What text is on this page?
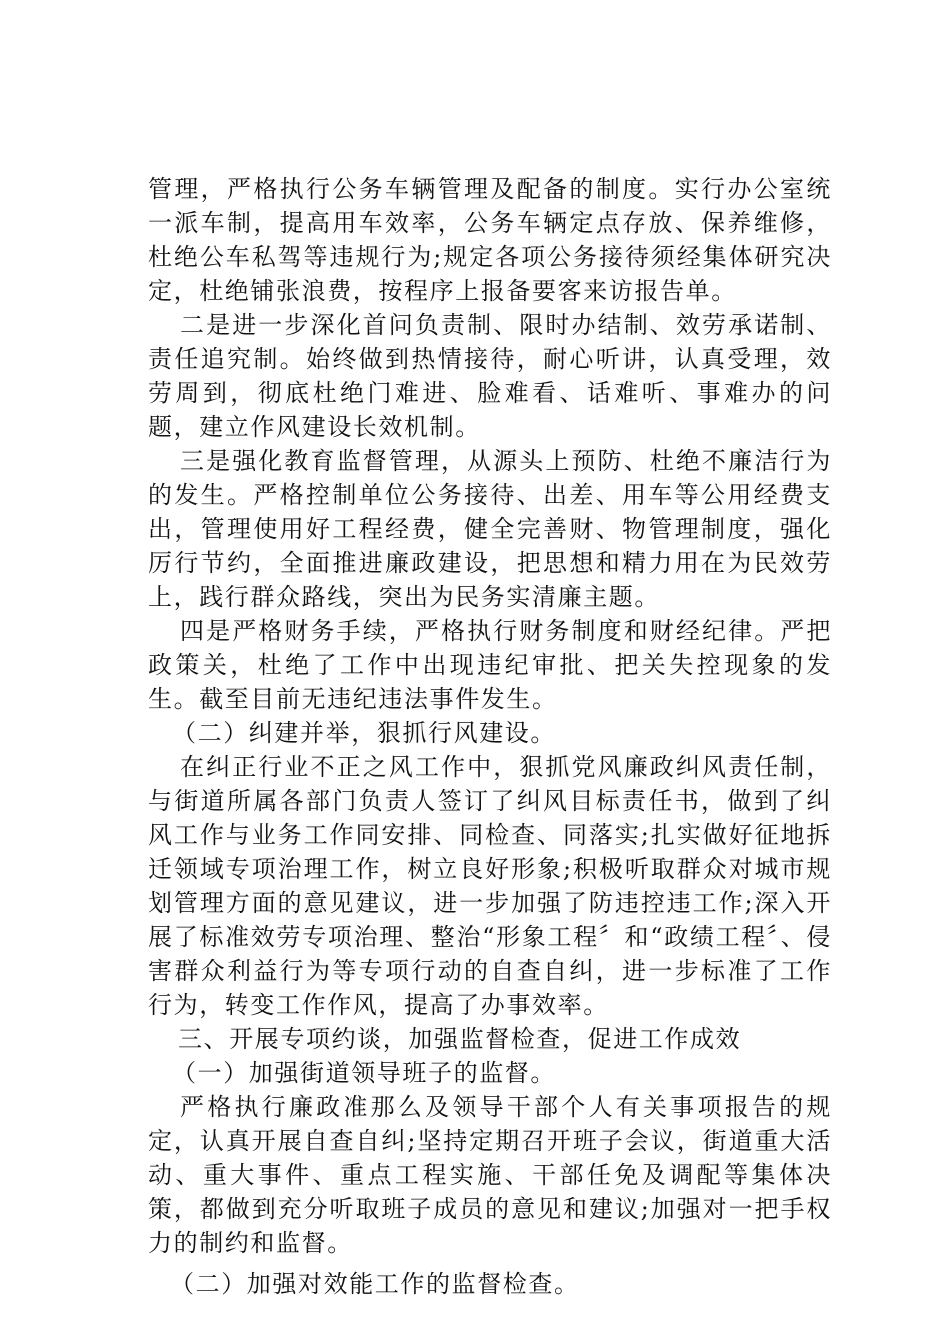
管理，严格执行公务车辆管理及配备的制度。实行办公室统一派车制，提高用车效率，公务车辆定点存放、保养维修，杜绝公车私驾等违规行为;规定各项公务接待须经集体研究决定，杜绝铺张浪费，按程序上报备要客来访报告单。

二是进一步深化首问负责制、限时办结制、效劳承诺制、责任追究制。始终做到热情接待，耐心听讲，认真受理，效劳周到，彻底杜绝门难进、脸难看、话难听、事难办的问题，建立作风建设长效机制。

三是强化教育监督管理，从源头上预防、杜绝不廉洁行为的发生。严格控制单位公务接待、出差、用车等公用经费支出，管理使用好工程经费，健全完善财、物管理制度，强化厉行节约，全面推进廉政建设，把思想和精力用在为民效劳上，践行群众路线，突出为民务实清廉主题。

四是严格财务手续，严格执行财务制度和财经纪律。严把政策关，杜绝了工作中出现违纪审批、把关失控现象的发生。截至目前无违纪违法事件发生。

（二）纠建并举，狠抓行风建设。

在纠正行业不正之风工作中，狠抓党风廉政纠风责任制，与街道所属各部门负责人签订了纠风目标责任书，做到了纠风工作与业务工作同安排、同检查、同落实;扎实做好征地拆迁领域专项治理工作，树立良好形象;积极听取群众对城市规划管理方面的意见建议，进一步加强了防违控违工作;深入开展了标准效劳专项治理、整治“形象工程〞和“政绩工程〞、侵害群众利益行为等专项行动的自查自纠，进一步标准了工作行为，转变工作作风，提高了办事效率。

三、开展专项约谈，加强监督检查，促进工作成效

（一）加强街道领导班子的监督。

严格执行廉政准那么及领导干部个人有关事项报告的规定，认真开展自查自纠;坚持定期召开班子会议，街道重大活动、重大事件、重点工程实施、干部任免及调配等集体决策，都做到充分听取班子成员的意见和建议;加强对一把手权力的制约和监督。

（二）加强对效能工作的监督检查。
